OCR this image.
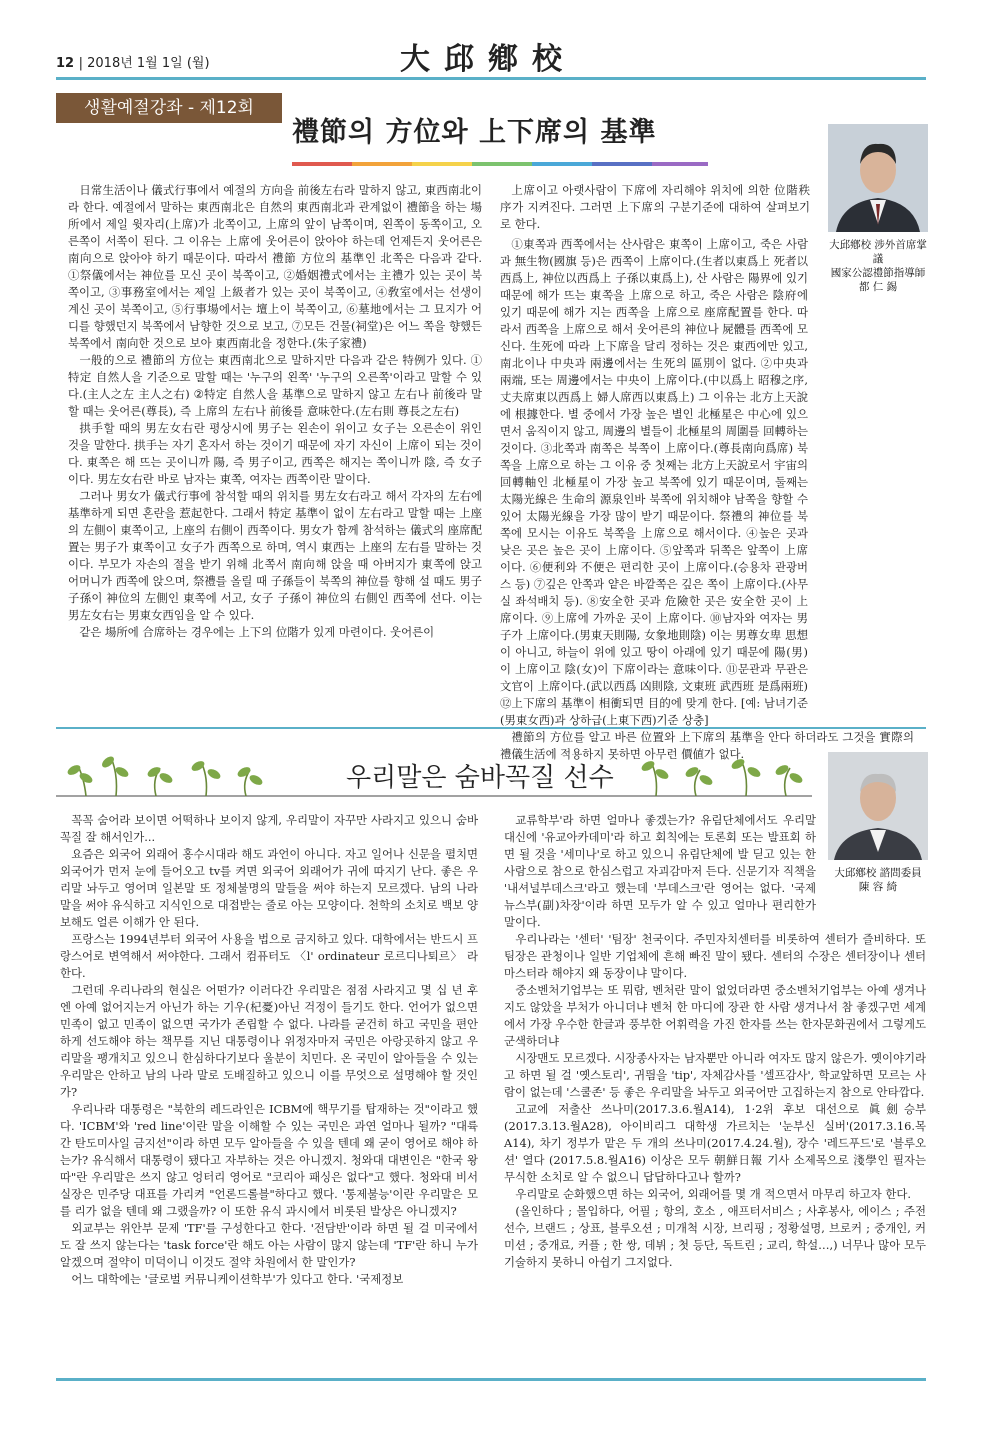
12 | 2018년 1월 1일 (월)	大邱鄕校
생활예절강좌 - 제12회
禮節의 方位와 上下席의 基準
大邱鄕校 涉外首席掌議
國家公認禮節指導師
都 仁 錫

日常生活이나 儀式行事에서 예절의 方向을 前後左右라 말하지 않고, 東西南北이라 한다. 예절에서 말하는 東西南北은 自然의 東西南北과 관계없이 禮節을 하는 場所에서 제일 윗자리(上席)가 北쪽이고, 上席의 앞이 남쪽이며, 왼쪽이 동쪽이고, 오른쪽이 서쪽이 된다. 그 이유는 上席에 웃어른이 앉아야 하는데 언제든지 웃어른은 南向으로 앉아야 하기 때문이다. 따라서 禮節 方位의 基準인 北쪽은 다음과 같다. ①祭儀에서는 神位를 모신 곳이 북쪽이고, ②婚姻禮式에서는 主禮가 있는 곳이 북쪽이고, ③事務室에서는 제일 上級者가 있는 곳이 북쪽이고, ④敎室에서는 선생이 계신 곳이 북쪽이고, ⑤行事場에서는 壇上이 북쪽이고, ⑥墓地에서는 그 묘지가 어디를 향했던지 북쪽에서 남향한 것으로 보고, ⑦모든 건물(祠堂)은 어느 쪽을 향했든 북쪽에서 南向한 것으로 보아 東西南北을 정한다.(朱子家禮)

一般的으로 禮節의 方位는 東西南北으로 말하지만 다음과 같은 特例가 있다. ①特定 自然人을 기준으로 말할 때는 '누구의 왼쪽' '누구의 오른쪽'이라고 말할 수 있다.(主人之左 主人之右) ②特定 自然人을 基準으로 말하지 않고 左右나 前後라 말할 때는 웃어른(尊長), 즉 上席의 左右나 前後를 意味한다.(左右則 尊長之左右)

拱手할 때의 男左女右란 평상시에 男子는 왼손이 위이고 女子는 오른손이 위인 것을 말한다. 拱手는 자기 혼자서 하는 것이기 때문에 자기 자신이 上席이 되는 것이다. 東쪽은 해 뜨는 곳이니까 陽, 즉 男子이고, 西쪽은 해지는 쪽이니까 陰, 즉 女子이다. 男左女右란 바로 남자는 東쪽, 여자는 西쪽이란 말이다.

그러나 男女가 儀式行事에 참석할 때의 위치를 男左女右라고 해서 각자의 左右에 基準하게 되면 혼란을 惹起한다. 그래서 特定 基準이 없이 左右라고 말할 때는 上座의 左側이 東쪽이고, 上座의 右側이 西쪽이다. 男女가 함께 참석하는 儀式의 座席配置는 男子가 東쪽이고 女子가 西쪽으로 하며, 역시 東西는 上座의 左右를 말하는 것이다. 부모가 자손의 절을 받기 위해 北쪽서 南向해 앉을 때 아버지가 東쪽에 앉고 어머니가 西쪽에 앉으며, 祭禮를 올릴 때 子孫들이 북쪽의 神位를 향해 설 때도 男子 子孫이 神位의 左側인 東쪽에 서고, 女子 子孫이 神位의 右側인 西쪽에 선다. 이는 男左女右는 男東女西임을 알 수 있다.

같은 場所에 合席하는 경우에는 上下의 位階가 있게 마련이다. 웃어른이

上席이고 아랫사람이 下席에 자리해야 위치에 의한 位階秩序가 지켜진다. 그러면 上下席의 구분기준에 대하여 살펴보기로 한다.

①東쪽과 西쪽에서는 산사람은 東쪽이 上席이고, 죽은 사람과 無生物(國旗 등)은 西쪽이 上席이다.(生者以東爲上 死者以西爲上, 神位以西爲上 子孫以東爲上), 산 사람은 陽界에 있기 때문에 해가 뜨는 東쪽을 上席으로 하고, 죽은 사람은 陰府에 있기 때문에 해가 지는 西쪽을 上席으로 座席配置를 한다. 따라서 西쪽을 上席으로 해서 웃어른의 神位나 屍體를 西쪽에 모신다. 生死에 따라 上下席을 달리 정하는 것은 東西에만 있고, 南北이나 中央과 兩邊에서는 生死의 區別이 없다. ②中央과 兩端, 또는 周邊에서는 中央이 上席이다.(中以爲上 昭穆之序, 丈夫席東以西爲上 婦人席西以東爲上) 그 이유는 北方上天說에 根據한다. 별 중에서 가장 높은 별인 北極星은 中心에 있으면서 움직이지 않고, 周邊의 별들이 北極星의 周圍를 回轉하는 것이다. ③北쪽과 南쪽은 북쪽이 上席이다.(尊長南向爲席) 북쪽을 上席으로 하는 그 이유 중 첫째는 北方上天說로서 宇宙의 回轉軸인 北極星이 가장 높고 북쪽에 있기 때문이며, 둘째는 太陽光線은 生命의 源泉인바 북쪽에 위치해야 남쪽을 향할 수 있어 太陽光線을 가장 많이 받기 때문이다. 祭禮의 神位를 북쪽에 모시는 이유도 북쪽을 上席으로 해서이다. ④높은 곳과 낮은 곳은 높은 곳이 上席이다. ⑤앞쪽과 뒤쪽은 앞쪽이 上席이다. ⑥便利와 不便은 편리한 곳이 上席이다.(승용차 관광버스 등) ⑦깊은 안쪽과 얕은 바깥쪽은 깊은 쪽이 上席이다.(사무실 좌석배치 등). ⑧安全한 곳과 危險한 곳은 安全한 곳이 上席이다. ⑨上席에 가까운 곳이 上席이다. ⑩남자와 여자는 男子가 上席이다.(男東天則陽, 女象地則陰) 이는 男尊女卑 思想이 아니고, 하늘이 위에 있고 땅이 아래에 있기 때문에 陽(男)이 上席이고 陰(女)이 下席이라는 意味이다. ⑪문관과 무관은 文官이 上席이다.(武以西爲 凶則陰, 文東班 武西班 是爲兩班) ⑫上下席의 基準이 相衝되면 目的에 맞게 한다. [예: 남녀기준(男東女西)과 상하급(上東下西)기준 상충]

禮節의 方位를 알고 바른 位置와 上下席의 基準을 안다 하더라도 그것을 實際의 禮儀生活에 적용하지 못하면 아무런 價値가 없다.

우리말은 숨바꼭질 선수
大邱鄕校 諮問委員
陳 容 綺

꼭꼭 숨어라 보이면 어떡하나 보이지 않게, 우리말이 자꾸만 사라지고 있으니 숨바꼭질 잘 해서인가...

요즘은 외국어 외래어 홍수시대라 해도 과언이 아니다. 자고 일어나 신문을 펼치면 외국어가 먼저 눈에 들어오고 tv를 켜면 외국어 외래어가 귀에 따지기 난다. 좋은 우리말 놔두고 영어며 일본말 또 정체불명의 말들을 써야 하는지 모르겠다. 남의 나라 말을 써야 유식하고 지식인으로 대접받는 줄로 아는 모양이다. 천학의 소치로 백보 양보해도 얼른 이해가 안 된다.

프랑스는 1994년부터 외국어 사용을 법으로 금지하고 있다. 대학에서는 반드시 프랑스어로 변역해서 써야한다. 그래서 컴퓨터도 〈l' ordinateur 로르디나퇴르〉 라 한다.

그런데 우리나라의 현실은 어떤가? 이러다간 우리말은 점점 사라지고 몇 십 년 후엔 아예 없어지는거 아닌가 하는 기우(杞憂)아닌 걱정이 들기도 한다. 언어가 없으면 민족이 없고 민족이 없으면 국가가 존립할 수 없다. 나라를 굳건히 하고 국민을 편안하게 선도해야 하는 책무를 지닌 대통령이나 위정자마저 국민은 아랑곳하지 않고 우리말을 팽개치고 있으니 한심하다기보다 울분이 치민다. 온 국민이 알아들을 수 있는 우리말은 안하고 남의 나라 말로 도배질하고 있으니 이를 무엇으로 설명해야 할 것인가?

우리나라 대통령은 "북한의 레드라인은 ICBM에 핵무기를 탑재하는 것"이라고 했다. 'ICBM'와 'red line'이란 말을 이해할 수 있는 국민은 과연 얼마나 될까? "대륙간 탄도미사일 금지선"이라 하면 모두 알아들을 수 있을 텐데 왜 굳이 영어로 해야 하는가? 유식해서 대통령이 됐다고 자부하는 것은 아니겠지. 청와대 대변인은 "한국 왕따"란 우리말은 쓰지 않고 엉터리 영어로 "코리아 패싱은 없다"고 했다. 청와대 비서실장은 민주당 대표를 가리켜 "언론드롤블"하다고 했다. '통제불능'이란 우리말은 모를 리가 없을 텐데 왜 그랬을까? 이 또한 유식 과시에서 비롯된 발상은 아니겠지?

외교부는 위안부 문제 'TF'를 구성한다고 한다. '전담반'이라 하면 될 걸 미국에서도 잘 쓰지 않는다는 'task force'란 해도 아는 사람이 많지 않는데 'TF'란 하니 누가 알겠으며 절약이 미덕이니 이것도 절약 차원에서 한 말인가?

어느 대학에는 '글로벌 커뮤니케이션학부'가 있다고 한다. '국제정보

교류학부'라 하면 얼마나 좋겠는가? 유림단체에서도 우리말 대신에 '유교아카데미'라 하고 회칙에는 토론회 또는 발표회 하면 될 것을 '세미나'로 하고 있으니 유림단체에 발 딛고 있는 한 사람으로 참으로 한심스럽고 자괴감마저 든다. 신문기자 직책을 '내셔널부데스크'라고 했는데 '부데스크'란 영어는 없다. '국제뉴스부(副)차장'이라 하면 모두가 알 수 있고 얼마나 편리한가 말이다.

우리나라는 '센터' '팀장' 천국이다. 주민자치센터를 비롯하여 센터가 즐비하다. 또 팀장은 관청이나 일반 기업체에 흔해 빠진 말이 됐다. 센터의 수장은 센터장이나 센터 마스터라 해야지 왜 동장이냐 말이다.

중소벤처기업부는 또 뭐람, 벤처란 말이 없었더라면 중소벤처기업부는 아예 생겨나지도 않았을 부처가 아니더냐 벤처 한 마디에 장관 한 사람 생겨나서 참 좋겠구먼 세계에서 가장 우수한 한글과 풍부한 어휘력을 가진 한자를 쓰는 한자문화권에서 그렇게도 군색하더냐

시장맨도 모르겠다. 시장종사자는 남자뿐만 아니라 여자도 많지 않은가. 옛이야기라고 하면 될 걸 '옛스토리', 귀띔을 'tip', 자체감사를 '셀프감사', 학교앞하면 모르는 사람이 없는데 '스쿨존' 등 좋은 우리말을 놔두고 외국어만 고집하는지 참으로 안타깝다.

고교에 저출산 쓰나미(2017.3.6.월A14), 1·2위 후보 대선으로 眞劍승부(2017.3.13.월A28), 아이비리그 대학생 가르치는 '눈부신 실버'(2017.3.16.목A14), 차기 정부가 맡은 두 개의 쓰나미(2017.4.24.월), 장수 '레드푸드'로 '블루오션' 열다 (2017.5.8.월A16) 이상은 모두 朝鮮日報 기사 소제목으로 淺學인 필자는 무식한 소치로 알 수 없으니 답답하다고나 할까?

우리말로 순화했으면 하는 외국어, 외래어를 몇 개 적으면서 마무리 하고자 한다.

(올인하다 ; 몰입하다, 어필 ; 항의, 호소 , 애프터서비스 ; 사후봉사, 에이스 ; 주전선수, 브랜드 ; 상표, 블루오션 ; 미개척 시장, 브리핑 ; 정황설명, 브로커 ; 중개인, 커미션 ; 중개료, 커플 ; 한 쌍, 데뷔 ; 첫 등단, 독트린 ; 교리, 학설…,) 너무나 많아 모두 기술하지 못하니 아쉽기 그지없다.
